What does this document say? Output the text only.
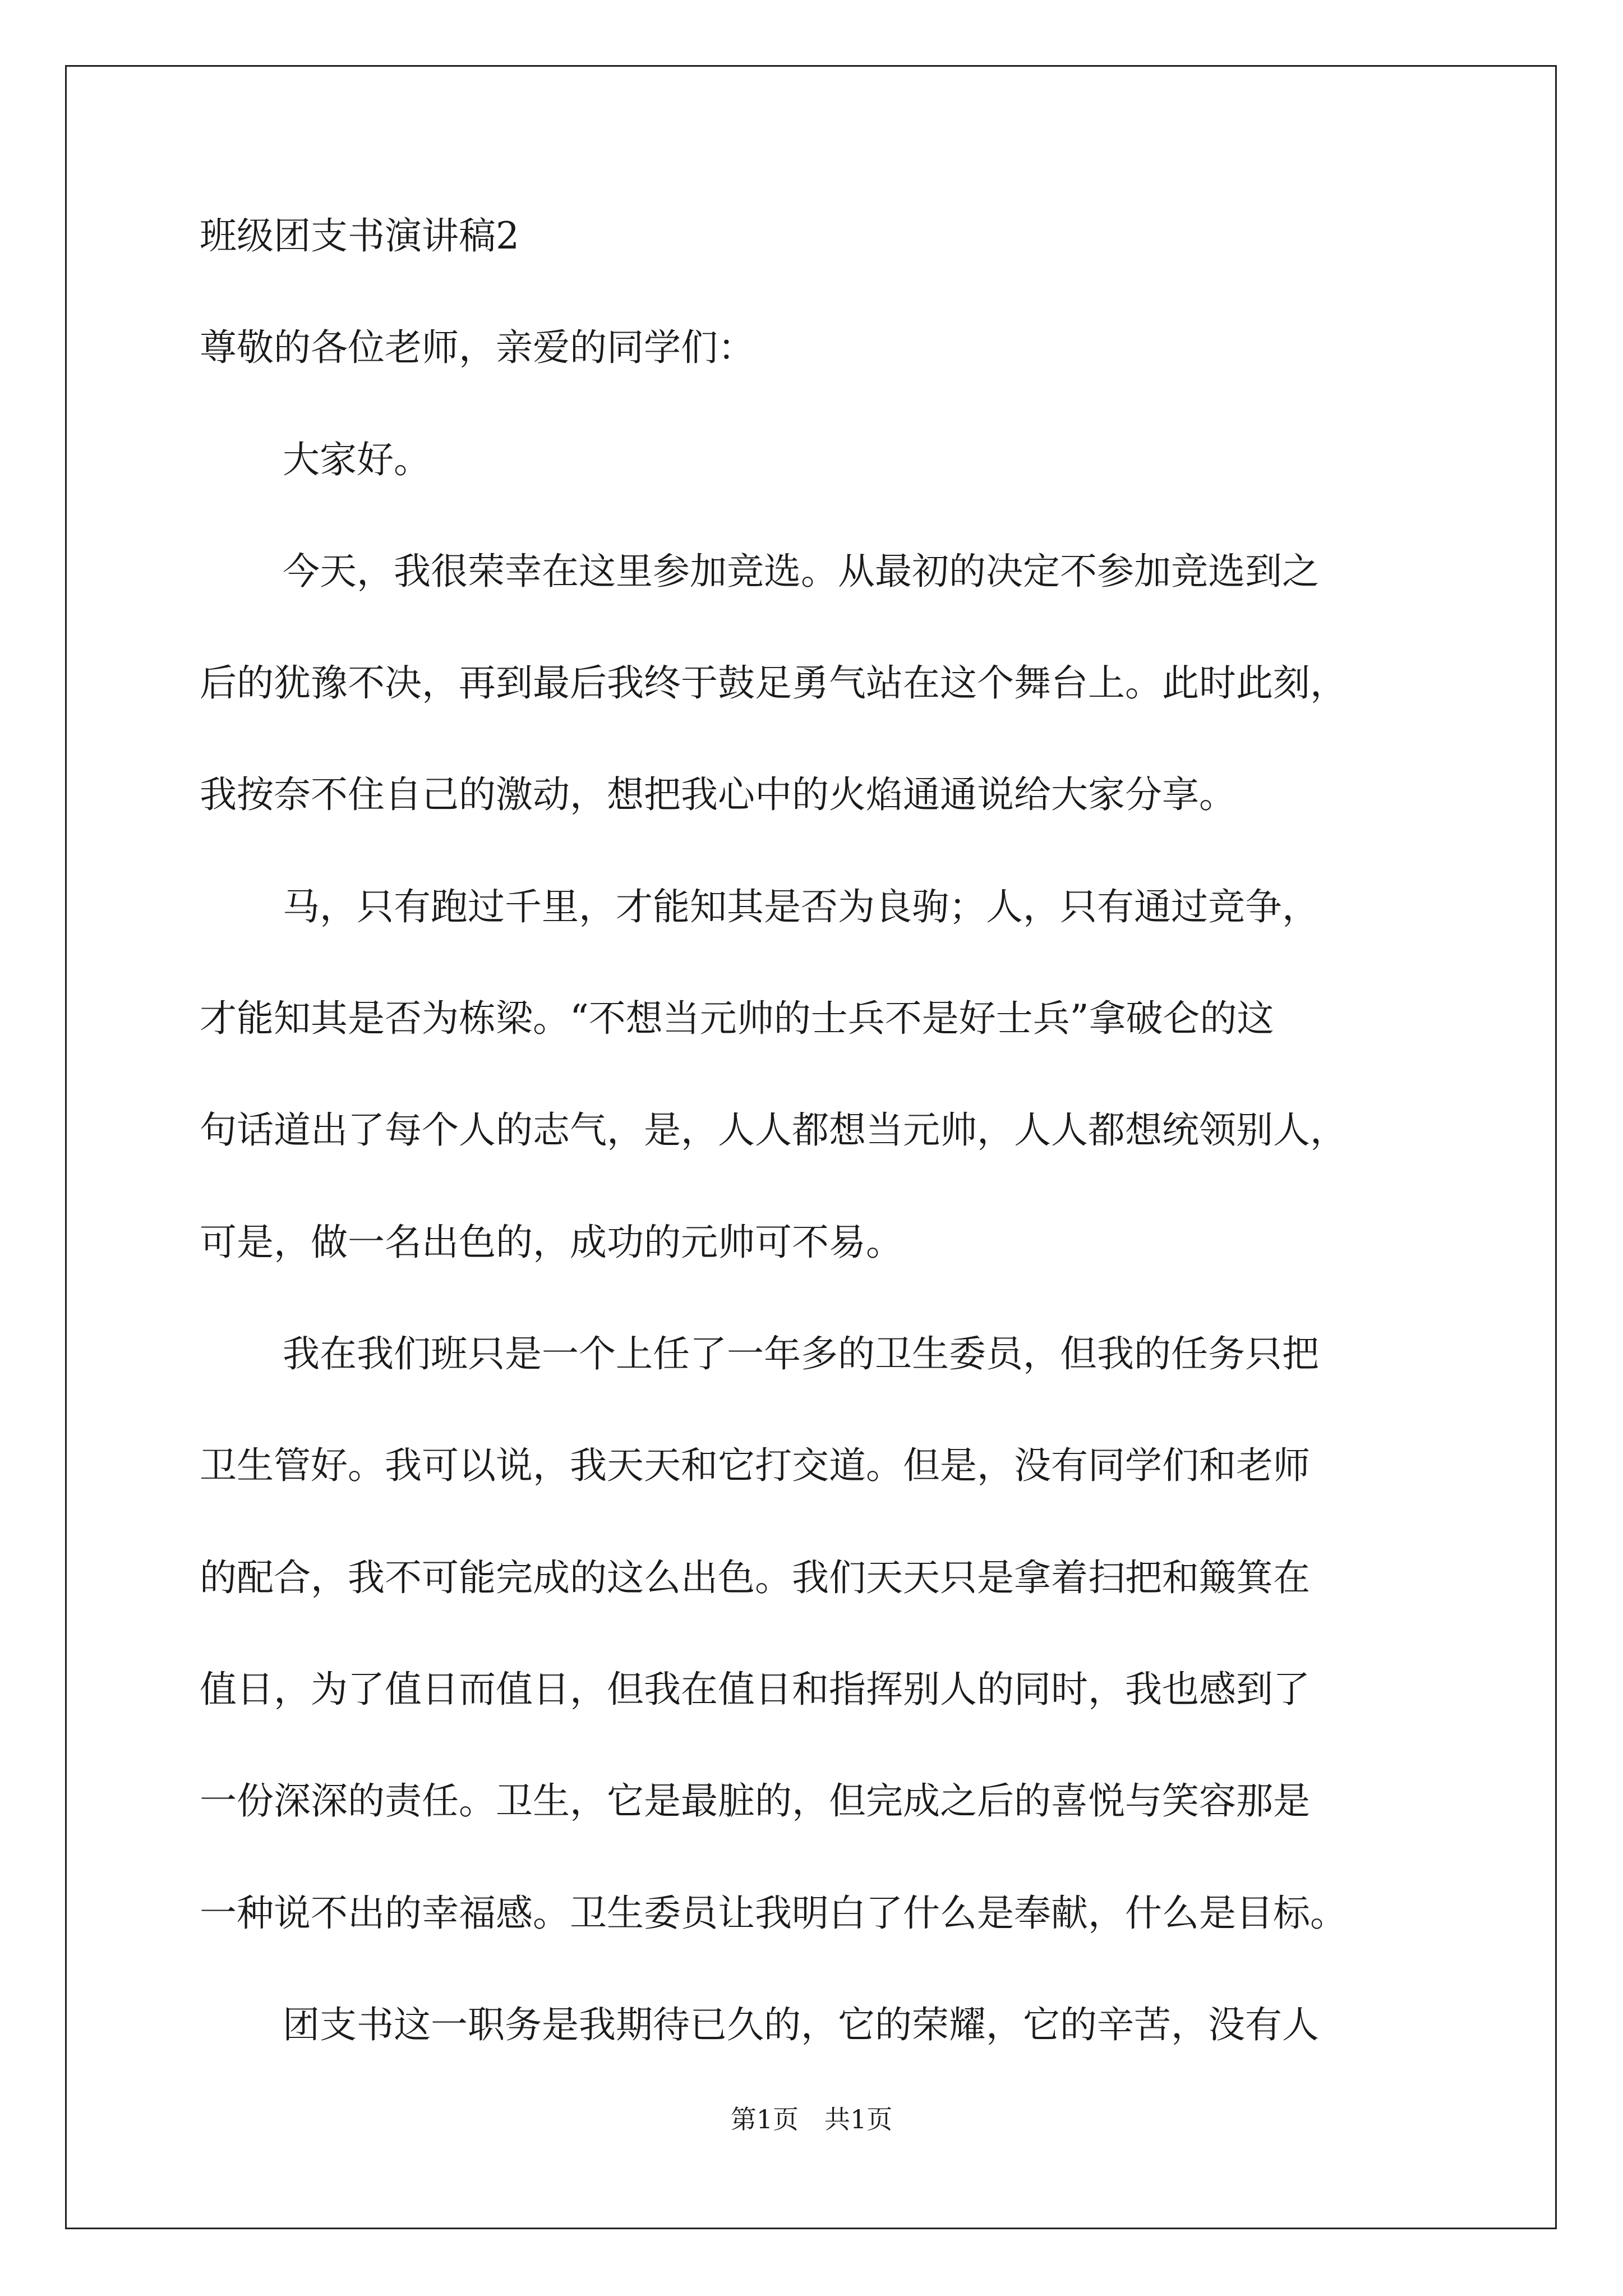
班级团支书演讲稿2
尊敬的各位老师，亲爱的同学们：
大家好。
今天，我很荣幸在这里参加竞选。从最初的决定不参加竞选到之
后的犹豫不决，再到最后我终于鼓足勇气站在这个舞台上。此时此刻，
我按奈不住自己的激动，想把我心中的火焰通通说给大家分享。
马，只有跑过千里，才能知其是否为良驹；人，只有通过竞争，
才能知其是否为栋梁。“不想当元帅的士兵不是好士兵”拿破仑的这
句话道出了每个人的志气，是，人人都想当元帅，人人都想统领别人，
可是，做一名出色的，成功的元帅可不易。
我在我们班只是一个上任了一年多的卫生委员，但我的任务只把
卫生管好。我可以说，我天天和它打交道。但是，没有同学们和老师
的配合，我不可能完成的这么出色。我们天天只是拿着扫把和簸箕在
值日，为了值日而值日，但我在值日和指挥别人的同时，我也感到了
一份深深的责任。卫生，它是最脏的，但完成之后的喜悦与笑容那是
一种说不出的幸福感。卫生委员让我明白了什么是奉献，什么是目标。
团支书这一职务是我期待已久的，它的荣耀，它的辛苦，没有人
第1页　共1页
